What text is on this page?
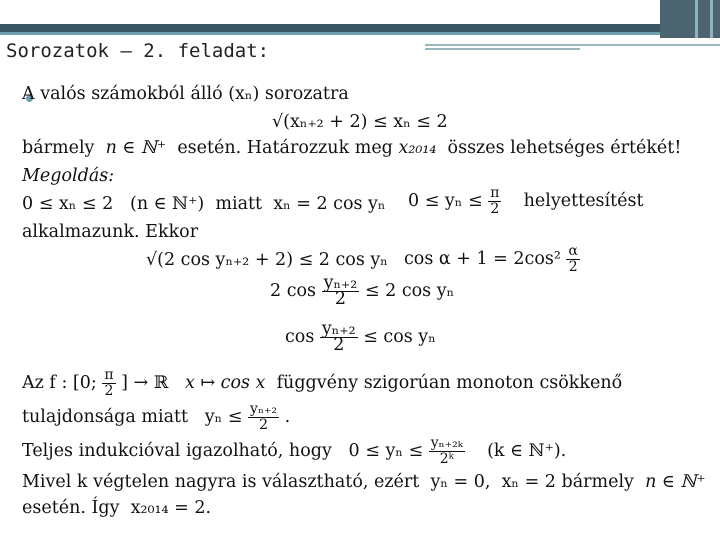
Sorozatok – 2. feladat:
A valós számokból álló (xₙ) sorozatra
√(xₙ₊₂ + 2) ≤ xₙ ≤ 2
bármely n ∈ ℕ⁺ esetén. Határozzuk meg x₂₀₁₄ összes lehetséges értékét!
Megoldás:
0 ≤ xₙ ≤ 2 (n ∈ ℕ⁺) miatt xₙ = 2 cos yₙ $0 \le y_n \le \frac{\pi}{2}$ helyettesítést
alkalmazunk. Ekkor
√(2 cos yₙ₊₂ + 2) ≤ 2 cos yₙ $\cos \alpha + 1 = 2\cos^2 \frac{\alpha}{2}$
2 $\cos \frac{\text{yₙ₊₂}}{2} \le 2$ cos yₙ
$\cos \frac{\text{yₙ₊₂}}{2} \le \cos y_n$
Az f : [0; $\frac{\pi}{2}$ ] → ℝ x ↦ cos x függvény szigorúan monoton csökkenő
tulajdonsága miatt $y_n \le \frac{\text{yₙ₊₂}}{2}$ .
Teljes indukcióval igazolható, hogy $0 \le y_n \le \frac{\text{yₙ₊₂ₖ}}{\text{2ᵏ}} (k$ ∈ ℕ⁺).
Mivel k végtelen nagyra is választható, ezért yₙ = 0, xₙ = 2 bármely n ∈ ℕ⁺
esetén. Így x₂₀₁₄ = 2.
